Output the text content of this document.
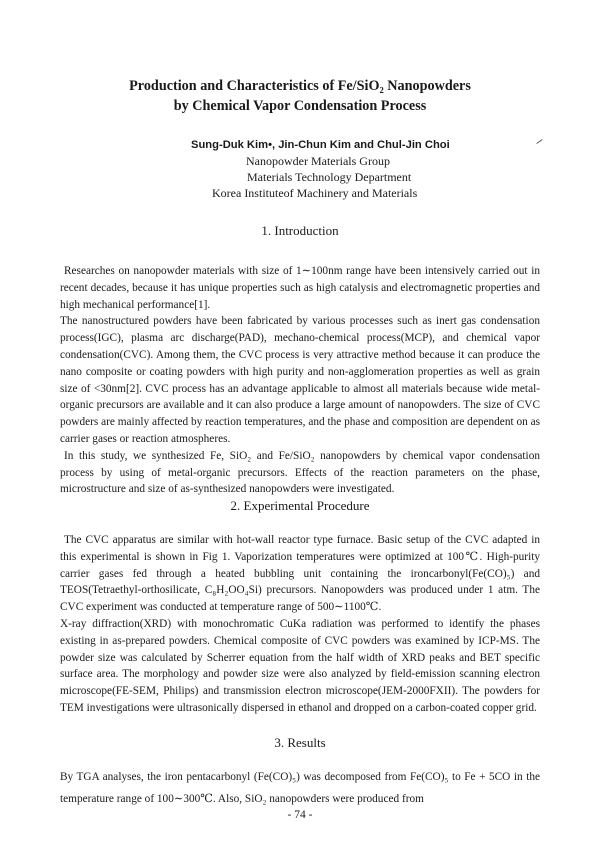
Production and Characteristics of Fe/SiO₂ Nanopowders
by Chemical Vapor Condensation Process
Sung-Duk Kim•, Jin-Chun Kim and Chul-Jin Choi
Nanopowder Materials Group
Materials Technology Department
Korea Instituteof Machinery and Materials
1. Introduction

Researches on nanopowder materials with size of 1∼100nm range have been intensively carried out in recent decades, because it has unique properties such as high catalysis and electromagnetic properties and high mechanical performance[1].

The nanostructured powders have been fabricated by various processes such as inert gas condensation process(IGC), plasma arc discharge(PAD), mechano-chemical process(MCP), and chemical vapor condensation(CVC). Among them, the CVC process is very attractive method because it can produce the nano composite or coating powders with high purity and non-agglomeration properties as well as grain size of <30nm[2]. CVC process has an advantage applicable to almost all materials because wide metal-organic precursors are available and it can also produce a large amount of nanopowders. The size of CVC powders are mainly affected by reaction temperatures, and the phase and composition are dependent on as carrier gases or reaction atmospheres.

In this study, we synthesized Fe, SiO₂ and Fe/SiO₂ nanopowders by chemical vapor condensation process by using of metal-organic precursors. Effects of the reaction parameters on the phase, microstructure and size of as-synthesized nanopowders were investigated.

2. Experimental Procedure

The CVC apparatus are similar with hot-wall reactor type furnace. Basic setup of the CVC adapted in this experimental is shown in Fig 1. Vaporization temperatures were optimized at 100℃. High-purity carrier gases fed through a heated bubbling unit containing the ironcarbonyl(Fe(CO)₅) and TEOS(Tetraethyl-orthosilicate, C₈H₂OO₄Si) precursors. Nanopowders was produced under 1 atm. The CVC experiment was conducted at temperature range of 500∼1100℃.

X-ray diffraction(XRD) with monochromatic CuKa radiation was performed to identify the phases existing in as-prepared powders. Chemical composite of CVC powders was examined by ICP-MS. The powder size was calculated by Scherrer equation from the half width of XRD peaks and BET specific surface area. The morphology and powder size were also analyzed by field-emission scanning electron microscope(FE-SEM, Philips) and transmission electron microscope(JEM-2000FXII). The powders for TEM investigations were ultrasonically dispersed in ethanol and dropped on a carbon-coated copper grid.

3. Results

By TGA analyses, the iron pentacarbonyl (Fe(CO)₅) was decomposed from Fe(CO)₅ to Fe + 5CO in the temperature range of 100∼300℃. Also, SiO₂ nanopowders were produced from

- 74 -
